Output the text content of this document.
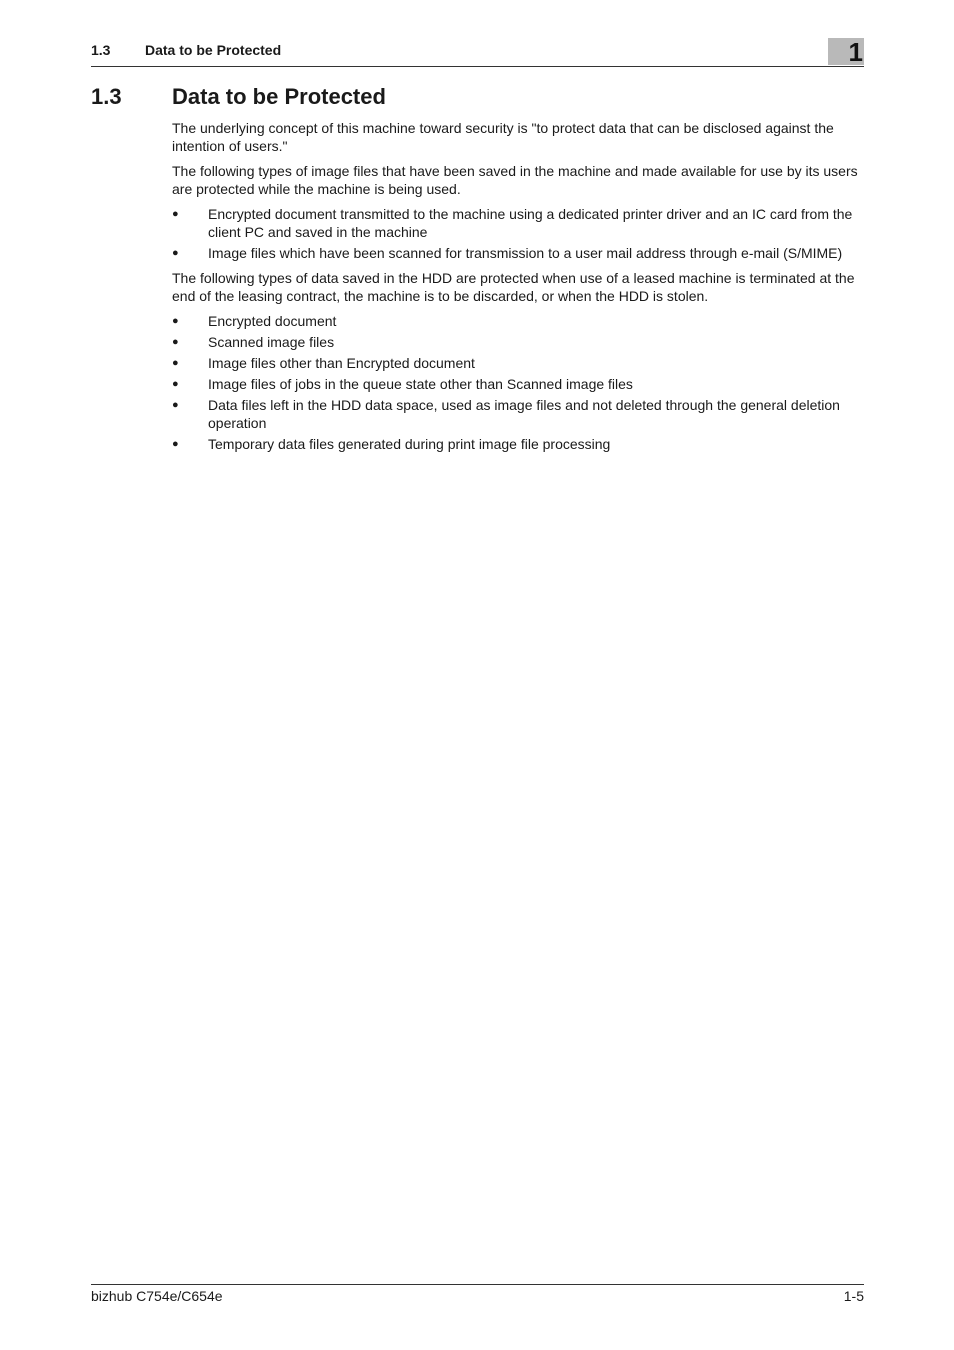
1.3 Data to be Protected	1
1.3 Data to be Protected

The underlying concept of this machine toward security is "to protect data that can be disclosed against the intention of users."

The following types of image files that have been saved in the machine and made available for use by its users are protected while the machine is being used.

● Encrypted document transmitted to the machine using a dedicated printer driver and an IC card from the client PC and saved in the machine
● Image files which have been scanned for transmission to a user mail address through e-mail (S/MIME)

The following types of data saved in the HDD are protected when use of a leased machine is terminated at the end of the leasing contract, the machine is to be discarded, or when the HDD is stolen.

● Encrypted document
● Scanned image files
● Image files other than Encrypted document
● Image files of jobs in the queue state other than Scanned image files
● Data files left in the HDD data space, used as image files and not deleted through the general deletion operation
● Temporary data files generated during print image file processing
bizhub C754e/C654e	1-5
